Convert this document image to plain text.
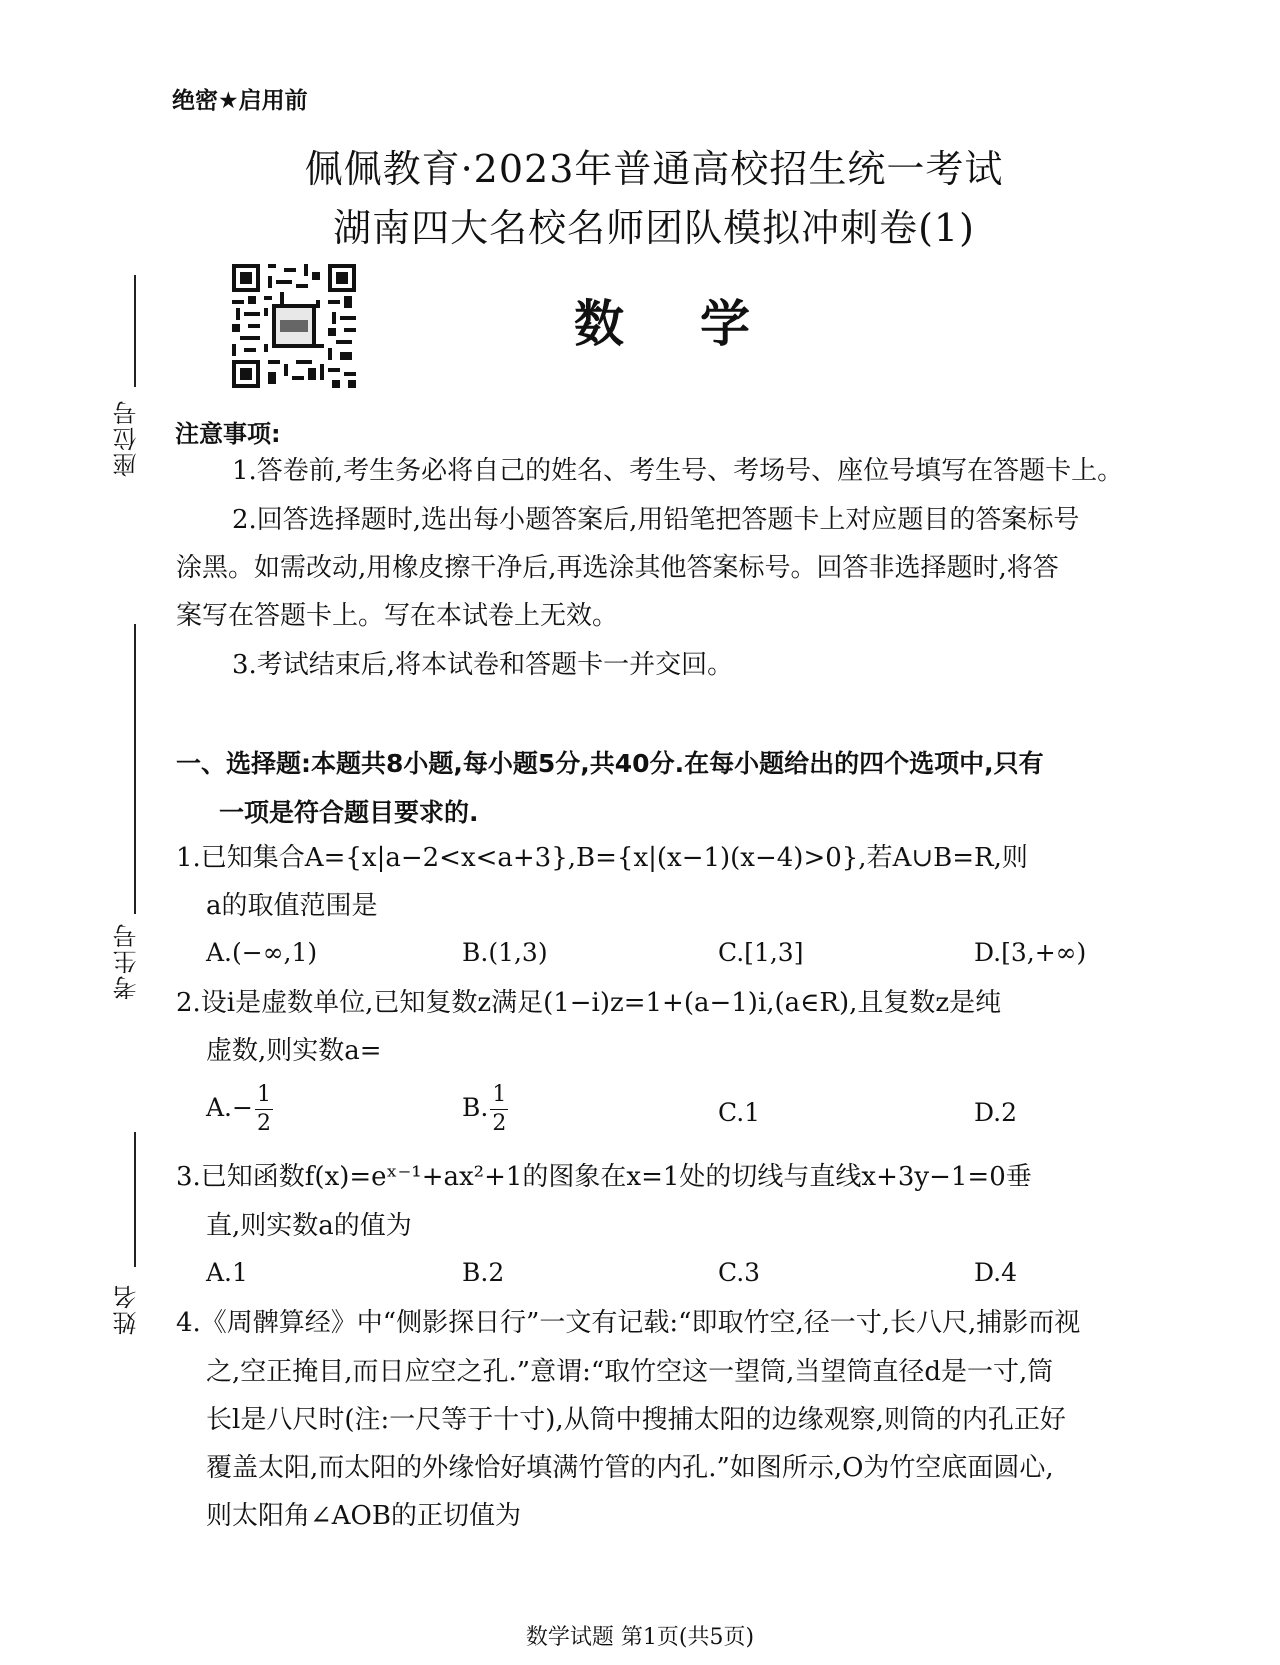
座位号
考生号
姓名
绝密★启用前
佩佩教育·2023年普通高校招生统一考试
湖南四大名校名师团队模拟冲刺卷(1)
数学
注意事项:
1.答卷前,考生务必将自己的姓名、考生号、考场号、座位号填写在答题卡上。
2.回答选择题时,选出每小题答案后,用铅笔把答题卡上对应题目的答案标号
涂黑。如需改动,用橡皮擦干净后,再选涂其他答案标号。回答非选择题时,将答
案写在答题卡上。写在本试卷上无效。
3.考试结束后,将本试卷和答题卡一并交回。
一、选择题:本题共8小题,每小题5分,共40分.在每小题给出的四个选项中,只有
一项是符合题目要求的.
1.已知集合A={x|a−2<x<a+3},B={x|(x−1)(x−4)>0},若A∪B=R,则
a的取值范围是
A.(−∞,1)	B.(1,3)	C.[1,3]	D.[3,+∞)
2.设i是虚数单位,已知复数z满足(1−i)z=1+(a−1)i,(a∈R),且复数z是纯
虚数,则实数a=
$A.- \frac{1}{2}$	B. $\frac{1}{2}$	C.1	D.2
3.已知函数f(x)=eˣ⁻¹+ax²+1的图象在x=1处的切线与直线x+3y−1=0垂
直,则实数a的值为
A.1	B.2	C.3	D.4
4.《周髀算经》中“侧影探日行”一文有记载:“即取竹空,径一寸,长八尺,捕影而视
之,空正掩目,而日应空之孔.”意谓:“取竹空这一望筒,当望筒直径d是一寸,筒
长l是八尺时(注:一尺等于十寸),从筒中搜捕太阳的边缘观察,则筒的内孔正好
覆盖太阳,而太阳的外缘恰好填满竹管的内孔.”如图所示,O为竹空底面圆心,
则太阳角∠AOB的正切值为
数学试题 第1页(共5页)
